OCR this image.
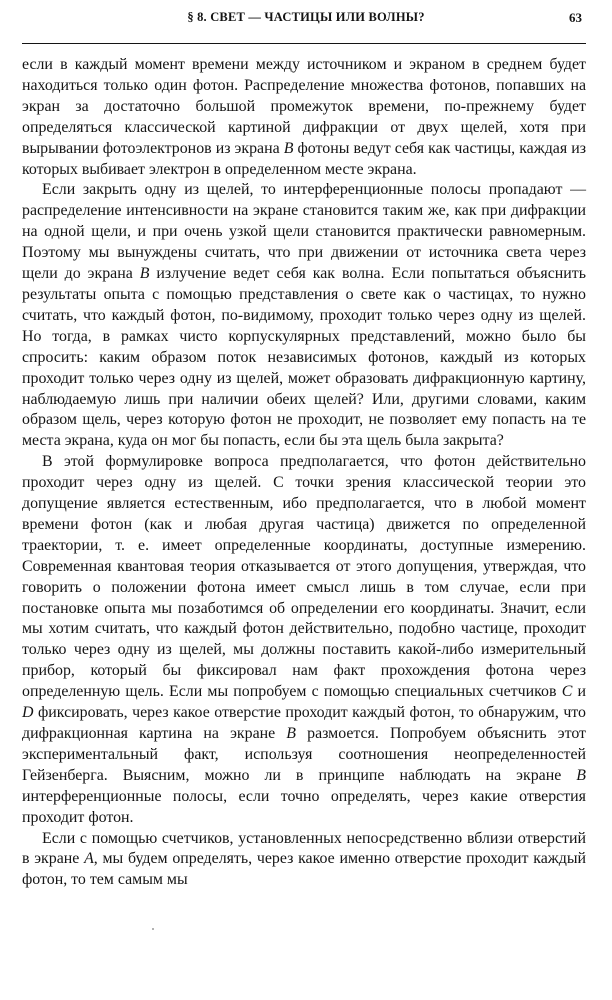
§ 8. СВЕТ — ЧАСТИЦЫ ИЛИ ВОЛНЫ?	63

если в каждый момент времени между источником и экраном в среднем будет находиться только один фотон. Распределение множества фотонов, попавших на экран за достаточно большой промежуток времени, по-прежнему будет определяться классической картиной дифракции от двух щелей, хотя при вырывании фотоэлектронов из экрана B фотоны ведут себя как частицы, каждая из которых выбивает электрон в определенном месте экрана.

Если закрыть одну из щелей, то интерференционные полосы пропадают — распределение интенсивности на экране становится таким же, как при дифракции на одной щели, и при очень узкой щели становится практически равномерным. Поэтому мы вынуждены считать, что при движении от источника света через щели до экрана B излучение ведет себя как волна. Если попытаться объяснить результаты опыта с помощью представления о свете как о частицах, то нужно считать, что каждый фотон, по-видимому, проходит только через одну из щелей. Но тогда, в рамках чисто корпускулярных представлений, можно было бы спросить: каким образом поток независимых фотонов, каждый из которых проходит только через одну из щелей, может образовать дифракционную картину, наблюдаемую лишь при наличии обеих щелей? Или, другими словами, каким образом щель, через которую фотон не проходит, не позволяет ему попасть на те места экрана, куда он мог бы попасть, если бы эта щель была закрыта?

В этой формулировке вопроса предполагается, что фотон действительно проходит через одну из щелей. С точки зрения классической теории это допущение является естественным, ибо предполагается, что в любой момент времени фотон (как и любая другая частица) движется по определенной траектории, т. е. имеет определенные координаты, доступные измерению. Современная квантовая теория отказывается от этого допущения, утверждая, что говорить о положении фотона имеет смысл лишь в том случае, если при постановке опыта мы позаботимся об определении его координаты. Значит, если мы хотим считать, что каждый фотон действительно, подобно частице, проходит только через одну из щелей, мы должны поставить какой-либо измерительный прибор, который бы фиксировал нам факт прохождения фотона через определенную щель. Если мы попробуем с помощью специальных счетчиков C и D фиксировать, через какое отверстие проходит каждый фотон, то обнаружим, что дифракционная картина на экране B размоется. Попробуем объяснить этот экспериментальный факт, используя соотношения неопределенностей Гейзенберга. Выясним, можно ли в принципе наблюдать на экране B интерференционные полосы, если точно определять, через какие отверстия проходит фотон.

Если с помощью счетчиков, установленных непосредственно вблизи отверстий в экране A, мы будем определять, через какое именно отверстие проходит каждый фотон, то тем самым мы
